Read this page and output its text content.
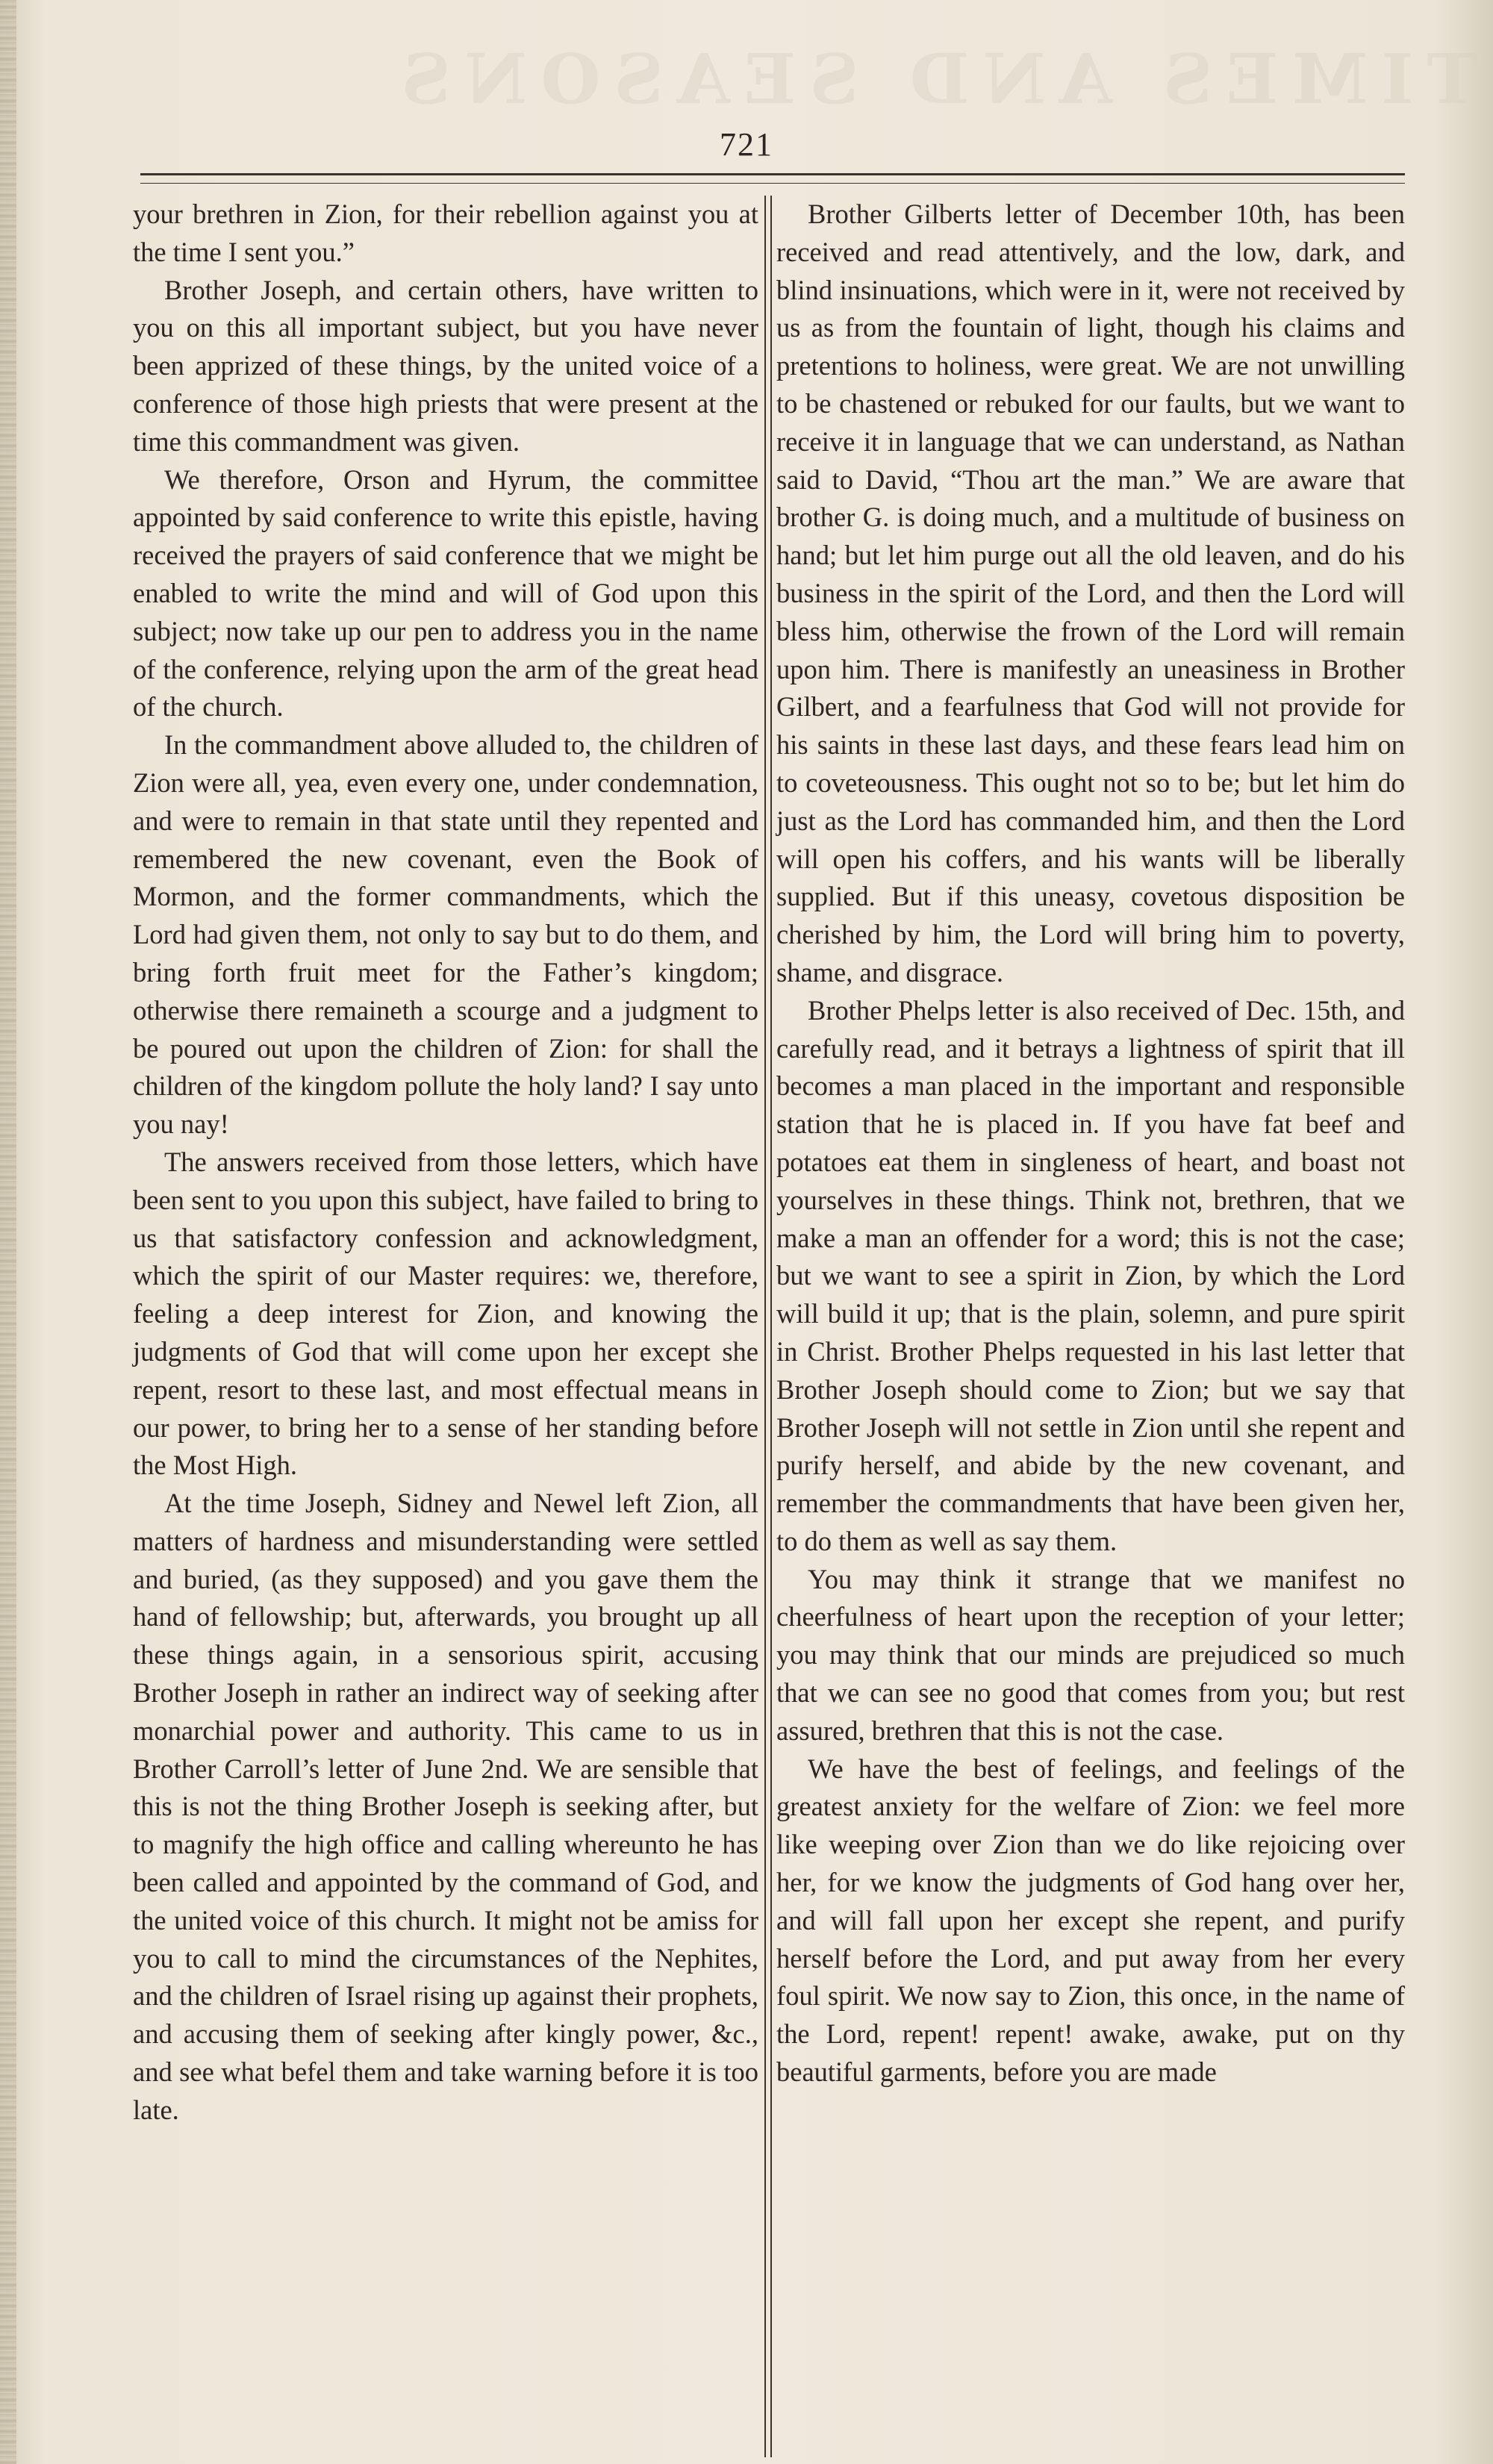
TIMES AND SEASONS
721

your brethren in Zion, for their rebellion against you at the time I sent you.”

Brother Joseph, and certain others, have written to you on this all important subject, but you have never been apprized of these things, by the united voice of a conference of those high priests that were present at the time this commandment was given.

We therefore, Orson and Hyrum, the committee appointed by said conference to write this epistle, having received the prayers of said conference that we might be enabled to write the mind and will of God upon this subject; now take up our pen to address you in the name of the conference, relying upon the arm of the great head of the church.

In the commandment above alluded to, the children of Zion were all, yea, even every one, under condemnation, and were to remain in that state until they repented and remembered the new covenant, even the Book of Mormon, and the former commandments, which the Lord had given them, not only to say but to do them, and bring forth fruit meet for the Father’s kingdom; otherwise there remaineth a scourge and a judgment to be poured out upon the children of Zion: for shall the children of the kingdom pollute the holy land? I say unto you nay!

The answers received from those letters, which have been sent to you upon this subject, have failed to bring to us that satisfactory confession and acknowledgment, which the spirit of our Master requires: we, therefore, feeling a deep interest for Zion, and knowing the judgments of God that will come upon her except she repent, resort to these last, and most effectual means in our power, to bring her to a sense of her standing before the Most High.

At the time Joseph, Sidney and Newel left Zion, all matters of hardness and misunderstanding were settled and buried, (as they supposed) and you gave them the hand of fellowship; but, afterwards, you brought up all these things again, in a sensorious spirit, accusing Brother Joseph in rather an indirect way of seeking after monarchial power and authority. This came to us in Brother Carroll’s letter of June 2nd. We are sensible that this is not the thing Brother Joseph is seeking after, but to magnify the high office and calling whereunto he has been called and appointed by the command of God, and the united voice of this church. It might not be amiss for you to call to mind the circumstances of the Nephites, and the children of Israel rising up against their prophets, and accusing them of seeking after kingly power, &c., and see what befel them and take warning before it is too late.

Brother Gilberts letter of December 10th, has been received and read attentively, and the low, dark, and blind insinuations, which were in it, were not received by us as from the fountain of light, though his claims and pretentions to holiness, were great. We are not unwilling to be chastened or rebuked for our faults, but we want to receive it in language that we can understand, as Nathan said to David, “Thou art the man.” We are aware that brother G. is doing much, and a multitude of business on hand; but let him purge out all the old leaven, and do his business in the spirit of the Lord, and then the Lord will bless him, otherwise the frown of the Lord will remain upon him. There is manifestly an uneasiness in Brother Gilbert, and a fearfulness that God will not provide for his saints in these last days, and these fears lead him on to coveteousness. This ought not so to be; but let him do just as the Lord has commanded him, and then the Lord will open his coffers, and his wants will be liberally supplied. But if this uneasy, covetous disposition be cherished by him, the Lord will bring him to poverty, shame, and disgrace.

Brother Phelps letter is also received of Dec. 15th, and carefully read, and it betrays a lightness of spirit that ill becomes a man placed in the important and responsible station that he is placed in. If you have fat beef and potatoes eat them in singleness of heart, and boast not yourselves in these things. Think not, brethren, that we make a man an offender for a word; this is not the case; but we want to see a spirit in Zion, by which the Lord will build it up; that is the plain, solemn, and pure spirit in Christ. Brother Phelps requested in his last letter that Brother Joseph should come to Zion; but we say that Brother Joseph will not settle in Zion until she repent and purify herself, and abide by the new covenant, and remember the commandments that have been given her, to do them as well as say them.

You may think it strange that we manifest no cheerfulness of heart upon the reception of your letter; you may think that our minds are prejudiced so much that we can see no good that comes from you; but rest assured, brethren that this is not the case.

We have the best of feelings, and feelings of the greatest anxiety for the welfare of Zion: we feel more like weeping over Zion than we do like rejoicing over her, for we know the judgments of God hang over her, and will fall upon her except she repent, and purify herself before the Lord, and put away from her every foul spirit. We now say to Zion, this once, in the name of the Lord, repent! repent! awake, awake, put on thy beautiful garments, before you are made
